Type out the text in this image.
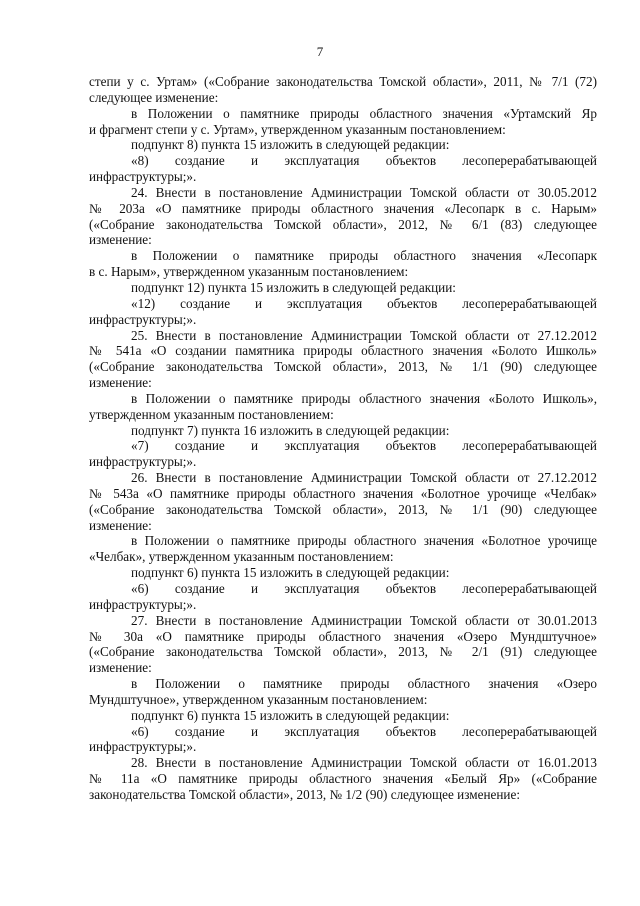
7
степи у с. Уртам» («Собрание законодательства Томской области», 2011, № 7/1 (72)
следующее изменение:
в Положении о памятнике природы областного значения «Уртамский Яр
и фрагмент степи у с. Уртам», утвержденном указанным постановлением:
подпункт 8) пункта 15 изложить в следующей редакции:
«8) создание и эксплуатация объектов лесоперерабатывающей
инфраструктуры;».
24. Внести в постановление Администрации Томской области от 30.05.2012
№ 203а «О памятнике природы областного значения «Лесопарк в с. Нарым»
(«Собрание законодательства Томской области», 2012, № 6/1 (83) следующее
изменение:
в Положении о памятнике природы областного значения «Лесопарк
в с. Нарым», утвержденном указанным постановлением:
подпункт 12) пункта 15 изложить в следующей редакции:
«12) создание и эксплуатация объектов лесоперерабатывающей
инфраструктуры;».
25. Внести в постановление Администрации Томской области от 27.12.2012
№ 541а «О создании памятника природы областного значения «Болото Ишколь»
(«Собрание законодательства Томской области», 2013, № 1/1 (90) следующее
изменение:
в Положении о памятнике природы областного значения «Болото Ишколь»,
утвержденном указанным постановлением:
подпункт 7) пункта 16 изложить в следующей редакции:
«7) создание и эксплуатация объектов лесоперерабатывающей
инфраструктуры;».
26. Внести в постановление Администрации Томской области от 27.12.2012
№ 543а «О памятнике природы областного значения «Болотное урочище «Челбак»
(«Собрание законодательства Томской области», 2013, № 1/1 (90) следующее
изменение:
в Положении о памятнике природы областного значения «Болотное урочище
«Челбак», утвержденном указанным постановлением:
подпункт 6) пункта 15 изложить в следующей редакции:
«6) создание и эксплуатация объектов лесоперерабатывающей
инфраструктуры;».
27. Внести в постановление Администрации Томской области от 30.01.2013
№ 30а «О памятнике природы областного значения «Озеро Мундштучное»
(«Собрание законодательства Томской области», 2013, № 2/1 (91) следующее
изменение:
в Положении о памятнике природы областного значения «Озеро
Мундштучное», утвержденном указанным постановлением:
подпункт 6) пункта 15 изложить в следующей редакции:
«6) создание и эксплуатация объектов лесоперерабатывающей
инфраструктуры;».
28. Внести в постановление Администрации Томской области от 16.01.2013
№ 11а «О памятнике природы областного значения «Белый Яр» («Собрание
законодательства Томской области», 2013, № 1/2 (90) следующее изменение:
